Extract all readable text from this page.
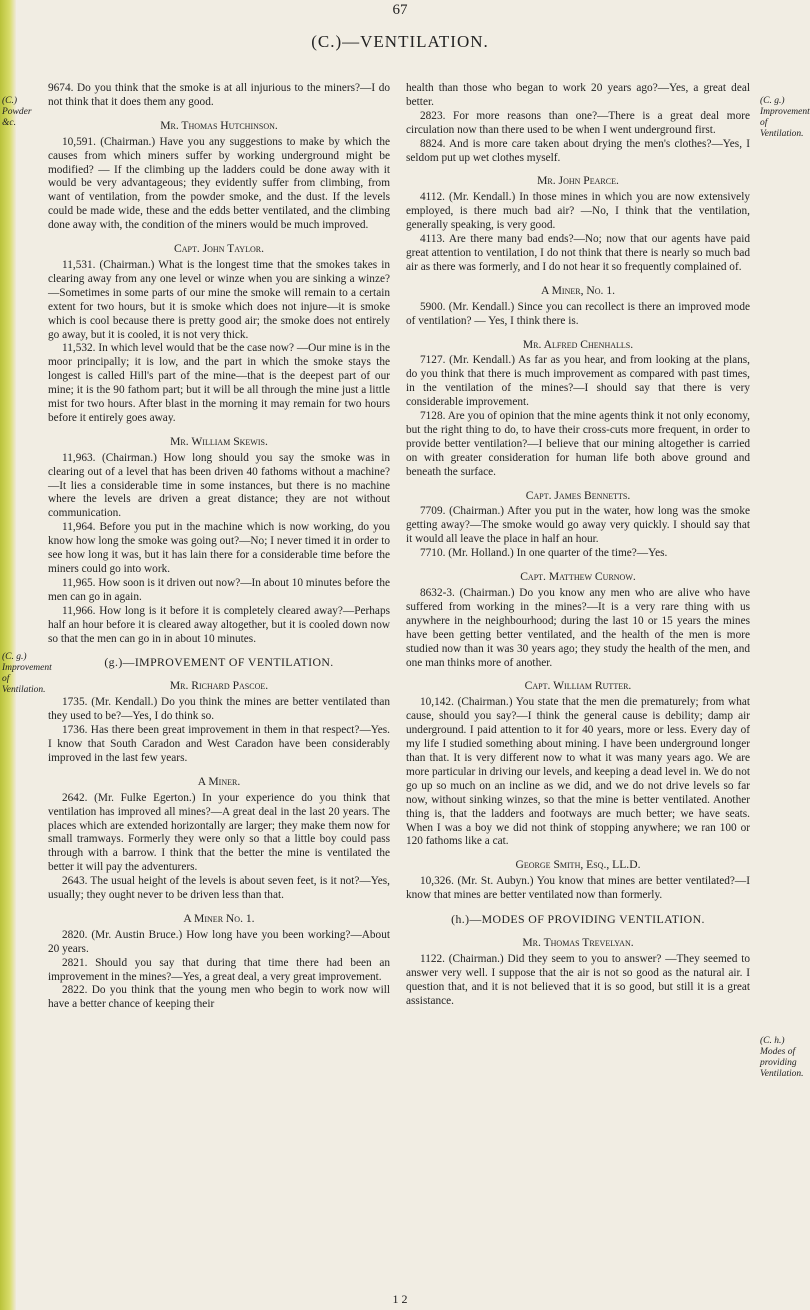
67
(C.)—VENTILATION.
(C.) Powder &c.
(C. g.) Improvement of Ventilation.
(C. g.) Improvement of Ventilation.
(C. h.) Modes of providing Ventilation.

9674. Do you think that the smoke is at all injurious to the miners?—I do not think that it does them any good.

Mr. Thomas Hutchinson.

10,591. (Chairman.) Have you any suggestions to make by which the causes from which miners suffer by working underground might be modified? — If the climbing up the ladders could be done away with it would be very advantageous; they evidently suffer from climbing, from want of ventilation, from the powder smoke, and the dust. If the levels could be made wide, these and the edds better ventilated, and the climbing done away with, the condition of the miners would be much improved.

Capt. John Taylor.

11,531. (Chairman.) What is the longest time that the smokes takes in clearing away from any one level or winze when you are sinking a winze?—Sometimes in some parts of our mine the smoke will remain to a certain extent for two hours, but it is smoke which does not injure—it is smoke which is cool because there is pretty good air; the smoke does not entirely go away, but it is cooled, it is not very thick.

11,532. In which level would that be the case now? —Our mine is in the moor principally; it is low, and the part in which the smoke stays the longest is called Hill's part of the mine—that is the deepest part of our mine; it is the 90 fathom part; but it will be all through the mine just a little mist for two hours. After blast in the morning it may remain for two hours before it entirely goes away.

Mr. William Skewis.

11,963. (Chairman.) How long should you say the smoke was in clearing out of a level that has been driven 40 fathoms without a machine?—It lies a considerable time in some instances, but there is no machine where the levels are driven a great distance; they are not without communication.

11,964. Before you put in the machine which is now working, do you know how long the smoke was going out?—No; I never timed it in order to see how long it was, but it has lain there for a considerable time before the miners could go into work.

11,965. How soon is it driven out now?—In about 10 minutes before the men can go in again.

11,966. How long is it before it is completely cleared away?—Perhaps half an hour before it is cleared away altogether, but it is cooled down now so that the men can go in in about 10 minutes.

(g.)—IMPROVEMENT OF VENTILATION.

Mr. Richard Pascoe.

1735. (Mr. Kendall.) Do you think the mines are better ventilated than they used to be?—Yes, I do think so.

1736. Has there been great improvement in them in that respect?—Yes. I know that South Caradon and West Caradon have been considerably improved in the last few years.

A Miner.

2642. (Mr. Fulke Egerton.) In your experience do you think that ventilation has improved all mines?—A great deal in the last 20 years. The places which are extended horizontally are larger; they make them now for small tramways. Formerly they were only so that a little boy could pass through with a barrow. I think that the better the mine is ventilated the better it will pay the adventurers.

2643. The usual height of the levels is about seven feet, is it not?—Yes, usually; they ought never to be driven less than that.

A Miner No. 1.

2820. (Mr. Austin Bruce.) How long have you been working?—About 20 years.

2821. Should you say that during that time there had been an improvement in the mines?—Yes, a great deal, a very great improvement.

2822. Do you think that the young men who begin to work now will have a better chance of keeping their

health than those who began to work 20 years ago?—Yes, a great deal better.

2823. For more reasons than one?—There is a great deal more circulation now than there used to be when I went underground first.

8824. And is more care taken about drying the men's clothes?—Yes, I seldom put up wet clothes myself.

Mr. John Pearce.

4112. (Mr. Kendall.) In those mines in which you are now extensively employed, is there much bad air? —No, I think that the ventilation, generally speaking, is very good.

4113. Are there many bad ends?—No; now that our agents have paid great attention to ventilation, I do not think that there is nearly so much bad air as there was formerly, and I do not hear it so frequently complained of.

A Miner, No. 1.

5900. (Mr. Kendall.) Since you can recollect is there an improved mode of ventilation? — Yes, I think there is.

Mr. Alfred Chenhalls.

7127. (Mr. Kendall.) As far as you hear, and from looking at the plans, do you think that there is much improvement as compared with past times, in the ventilation of the mines?—I should say that there is very considerable improvement.

7128. Are you of opinion that the mine agents think it not only economy, but the right thing to do, to have their cross-cuts more frequent, in order to provide better ventilation?—I believe that our mining altogether is carried on with greater consideration for human life both above ground and beneath the surface.

Capt. James Bennetts.

7709. (Chairman.) After you put in the water, how long was the smoke getting away?—The smoke would go away very quickly. I should say that it would all leave the place in half an hour.

7710. (Mr. Holland.) In one quarter of the time?—Yes.

Capt. Matthew Curnow.

8632-3. (Chairman.) Do you know any men who are alive who have suffered from working in the mines?—It is a very rare thing with us anywhere in the neighbourhood; during the last 10 or 15 years the mines have been getting better ventilated, and the health of the men is more studied now than it was 30 years ago; they study the health of the men, and one man thinks more of another.

Capt. William Rutter.

10,142. (Chairman.) You state that the men die prematurely; from what cause, should you say?—I think the general cause is debility; damp air underground. I paid attention to it for 40 years, more or less. Every day of my life I studied something about mining. I have been underground longer than that. It is very different now to what it was many years ago. We are more particular in driving our levels, and keeping a dead level in. We do not go up so much on an incline as we did, and we do not drive levels so far now, without sinking winzes, so that the mine is better ventilated. Another thing is, that the ladders and footways are much better; we have seats. When I was a boy we did not think of stopping anywhere; we ran 100 or 120 fathoms like a cat.

George Smith, Esq., LL.D.

10,326. (Mr. St. Aubyn.) You know that mines are better ventilated?—I know that mines are better ventilated now than formerly.

(h.)—MODES OF PROVIDING VENTILATION.

Mr. Thomas Trevelyan.

1122. (Chairman.) Did they seem to you to answer? —They seemed to answer very well. I suppose that the air is not so good as the natural air. I question that, and it is not believed that it is so good, but still it is a great assistance.

1 2
